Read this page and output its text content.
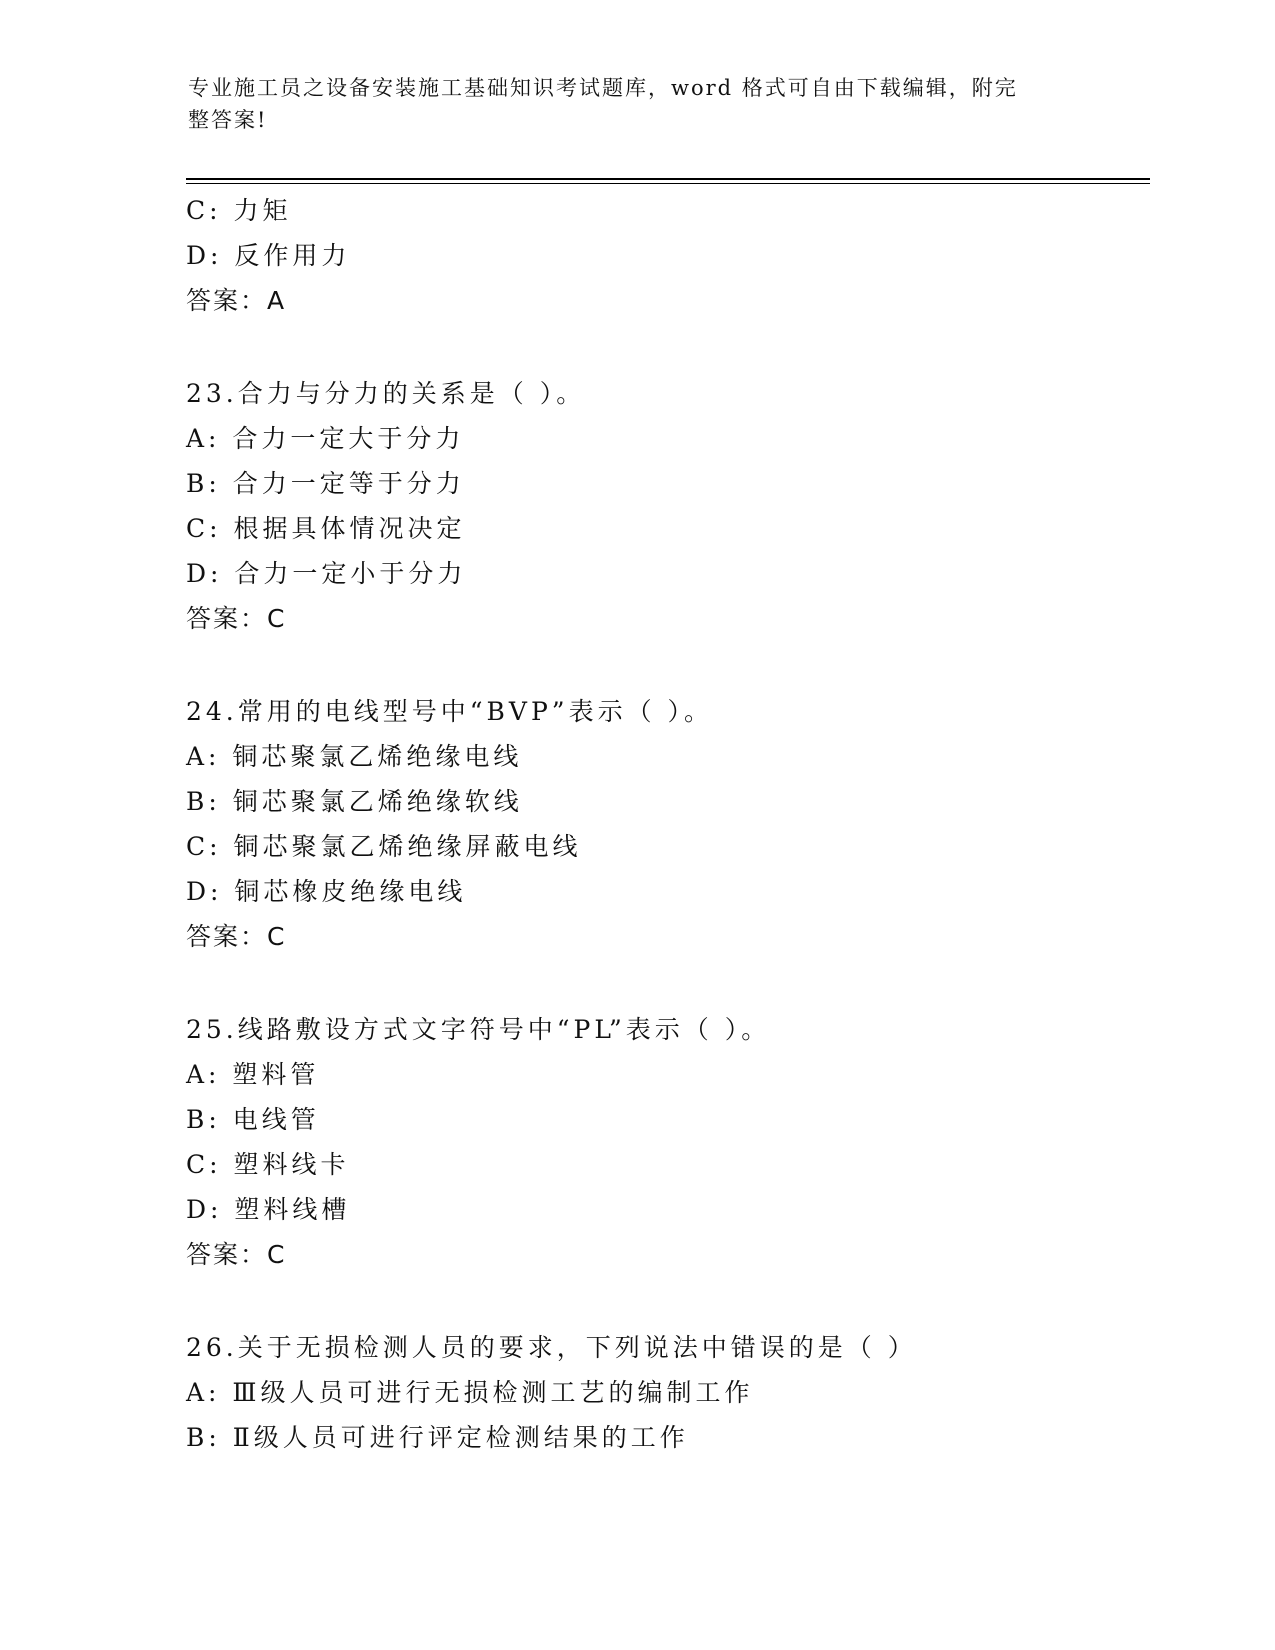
专业施工员之设备安装施工基础知识考试题库，word 格式可自由下载编辑，附完
整答案!
C: 力矩
D: 反作用力
答案：A
23.合力与分力的关系是（ ）。
A: 合力一定大于分力
B: 合力一定等于分力
C: 根据具体情况决定
D: 合力一定小于分力
答案：C
24.常用的电线型号中“BVP”表示（ ）。
A: 铜芯聚氯乙烯绝缘电线
B: 铜芯聚氯乙烯绝缘软线
C: 铜芯聚氯乙烯绝缘屏蔽电线
D: 铜芯橡皮绝缘电线
答案：C
25.线路敷设方式文字符号中“PL”表示（ ）。
A: 塑料管
B: 电线管
C: 塑料线卡
D: 塑料线槽
答案：C
26.关于无损检测人员的要求，下列说法中错误的是（ ）
A: Ⅲ级人员可进行无损检测工艺的编制工作
B: Ⅱ级人员可进行评定检测结果的工作
